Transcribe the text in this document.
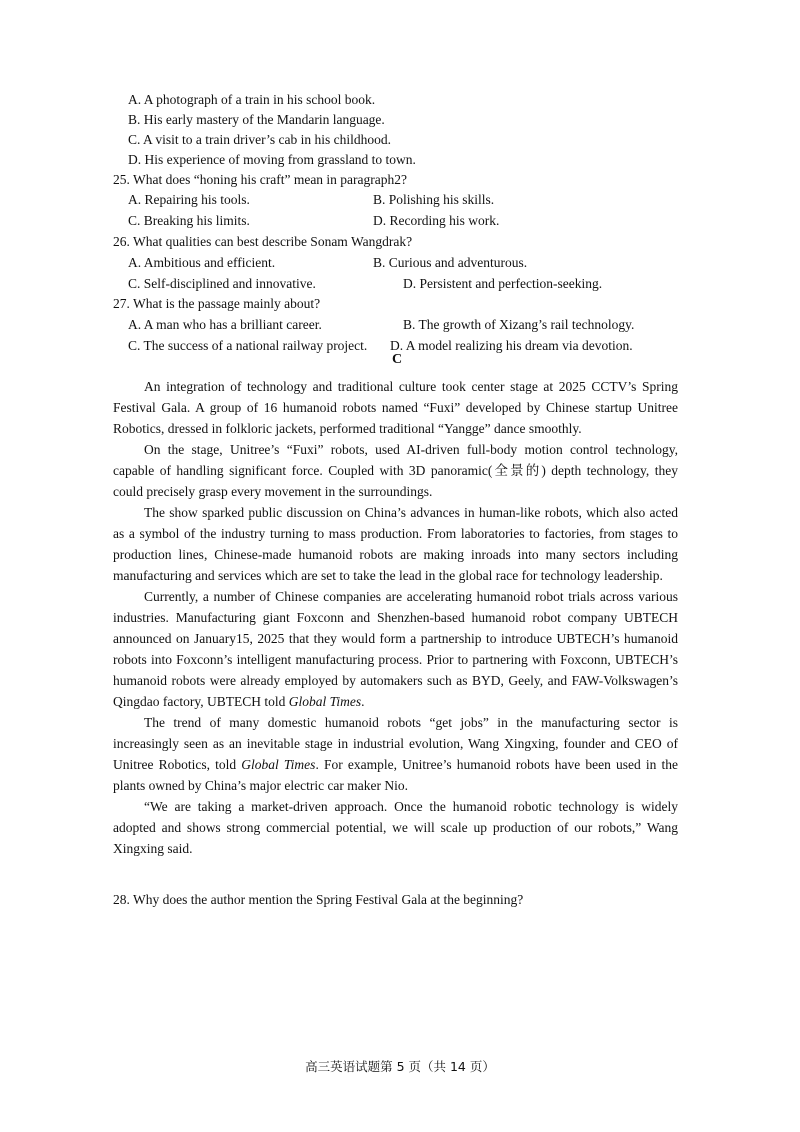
A. A photograph of a train in his school book.
B. His early mastery of the Mandarin language.
C. A visit to a train driver’s cab in his childhood.
D. His experience of moving from grassland to town.
25. What does “honing his craft” mean in paragraph2?
A. Repairing his tools.	B. Polishing his skills.
C. Breaking his limits.	D. Recording his work.
26. What qualities can best describe Sonam Wangdrak?
A. Ambitious and efficient.	B. Curious and adventurous.
C. Self-disciplined and innovative.	D. Persistent and perfection-seeking.
27. What is the passage mainly about?
A. A man who has a brilliant career.	B. The growth of Xizang’s rail technology.
C. The success of a national railway project. D. A model realizing his dream via devotion.
C

An integration of technology and traditional culture took center stage at 2025 CCTV’s Spring Festival Gala. A group of 16 humanoid robots named “Fuxi” developed by Chinese startup Unitree Robotics, dressed in folkloric jackets, performed traditional “Yangge” dance smoothly.

On the stage, Unitree’s “Fuxi” robots, used AI-driven full-body motion control technology, capable of handling significant force. Coupled with 3D panoramic(全景的) depth technology, they could precisely grasp every movement in the surroundings.

The show sparked public discussion on China’s advances in human-like robots, which also acted as a symbol of the industry turning to mass production. From laboratories to factories, from stages to production lines, Chinese-made humanoid robots are making inroads into many sectors including manufacturing and services which are set to take the lead in the global race for technology leadership.

Currently, a number of Chinese companies are accelerating humanoid robot trials across various industries. Manufacturing giant Foxconn and Shenzhen-based humanoid robot company UBTECH announced on January15, 2025 that they would form a partnership to introduce UBTECH’s humanoid robots into Foxconn’s intelligent manufacturing process. Prior to partnering with Foxconn, UBTECH’s humanoid robots were already employed by automakers such as BYD, Geely, and FAW-Volkswagen’s Qingdao factory, UBTECH told Global Times.

The trend of many domestic humanoid robots “get jobs” in the manufacturing sector is increasingly seen as an inevitable stage in industrial evolution, Wang Xingxing, founder and CEO of Unitree Robotics, told Global Times. For example, Unitree’s humanoid robots have been used in the plants owned by China’s major electric car maker Nio.

“We are taking a market-driven approach. Once the humanoid robotic technology is widely adopted and shows strong commercial potential, we will scale up production of our robots,” Wang Xingxing said.

28. Why does the author mention the Spring Festival Gala at the beginning?
高三英语试题第 5 页（共 14 页）
